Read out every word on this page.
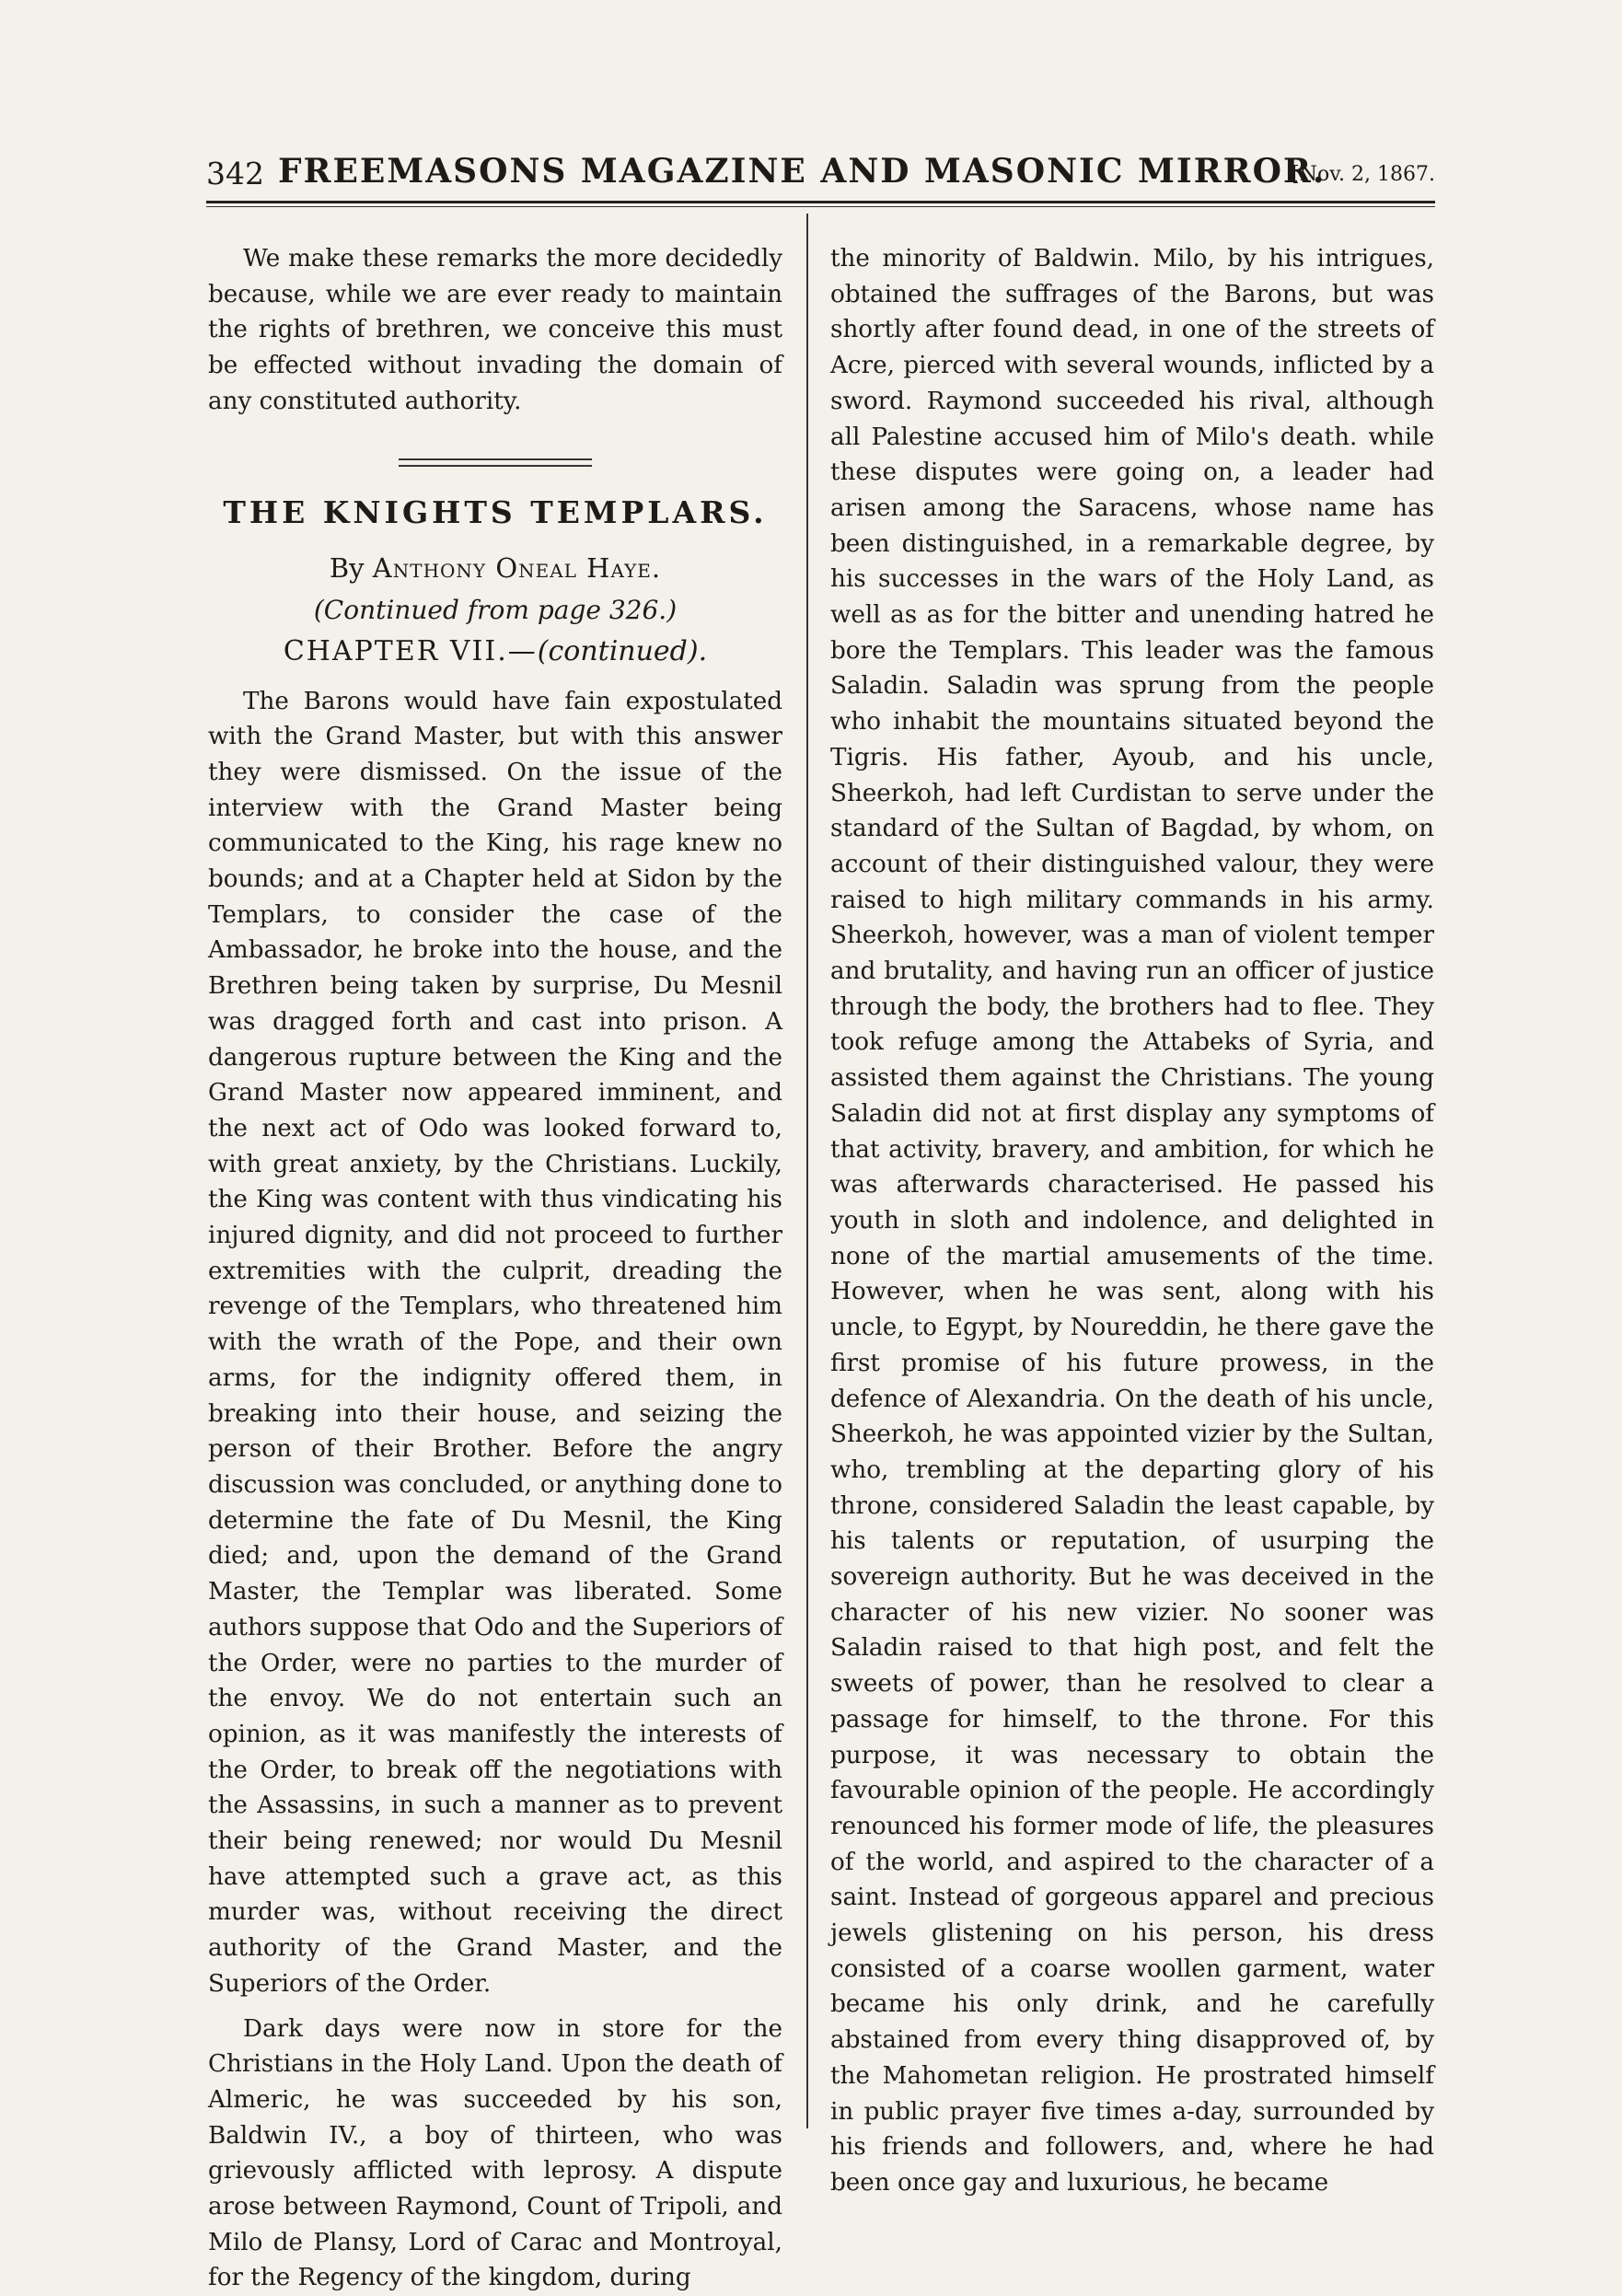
342 FREEMASONS MAGAZINE AND MASONIC MIRROR.
[Nov. 2, 1867.

We make these remarks the more decidedly because, while we are ever ready to maintain the rights of brethren, we conceive this must be effected without invading the domain of any constituted authority.

THE KNIGHTS TEMPLARS.

By Anthony Oneal Haye.

(Continued from page 326.)

CHAPTER VII.—(continued).

The Barons would have fain expostulated with the Grand Master, but with this answer they were dismissed. On the issue of the interview with the Grand Master being communicated to the King, his rage knew no bounds; and at a Chapter held at Sidon by the Templars, to consider the case of the Ambassador, he broke into the house, and the Brethren being taken by surprise, Du Mesnil was dragged forth and cast into prison. A dangerous rupture between the King and the Grand Master now appeared imminent, and the next act of Odo was looked forward to, with great anxiety, by the Christians. Luckily, the King was content with thus vindicating his injured dignity, and did not proceed to further extremities with the culprit, dreading the revenge of the Templars, who threatened him with the wrath of the Pope, and their own arms, for the indignity offered them, in breaking into their house, and seizing the person of their Brother. Before the angry discussion was concluded, or anything done to determine the fate of Du Mesnil, the King died; and, upon the demand of the Grand Master, the Templar was liberated. Some authors suppose that Odo and the Superiors of the Order, were no parties to the murder of the envoy. We do not entertain such an opinion, as it was manifestly the interests of the Order, to break off the negotiations with the Assassins, in such a manner as to prevent their being renewed; nor would Du Mesnil have attempted such a grave act, as this murder was, without receiving the direct authority of the Grand Master, and the Superiors of the Order.

Dark days were now in store for the Christians in the Holy Land. Upon the death of Almeric, he was succeeded by his son, Baldwin IV., a boy of thirteen, who was grievously afflicted with leprosy. A dispute arose between Raymond, Count of Tripoli, and Milo de Plansy, Lord of Carac and Montroyal, for the Regency of the kingdom, during

the minority of Baldwin. Milo, by his intrigues, obtained the suffrages of the Barons, but was shortly after found dead, in one of the streets of Acre, pierced with several wounds, inflicted by a sword. Raymond succeeded his rival, although all Palestine accused him of Milo's death. while these disputes were going on, a leader had arisen among the Saracens, whose name has been distinguished, in a remarkable degree, by his successes in the wars of the Holy Land, as well as as for the bitter and unending hatred he bore the Templars. This leader was the famous Saladin. Saladin was sprung from the people who inhabit the mountains situated beyond the Tigris. His father, Ayoub, and his uncle, Sheerkoh, had left Curdistan to serve under the standard of the Sultan of Bagdad, by whom, on account of their distinguished valour, they were raised to high military commands in his army. Sheerkoh, however, was a man of violent temper and brutality, and having run an officer of justice through the body, the brothers had to flee. They took refuge among the Attabeks of Syria, and assisted them against the Christians. The young Saladin did not at first display any symptoms of that activity, bravery, and ambition, for which he was afterwards characterised. He passed his youth in sloth and indolence, and delighted in none of the martial amusements of the time. However, when he was sent, along with his uncle, to Egypt, by Noureddin, he there gave the first promise of his future prowess, in the defence of Alexandria. On the death of his uncle, Sheerkoh, he was appointed vizier by the Sultan, who, trembling at the departing glory of his throne, considered Saladin the least capable, by his talents or reputation, of usurping the sovereign authority. But he was deceived in the character of his new vizier. No sooner was Saladin raised to that high post, and felt the sweets of power, than he resolved to clear a passage for himself, to the throne. For this purpose, it was necessary to obtain the favourable opinion of the people. He accordingly renounced his former mode of life, the pleasures of the world, and aspired to the character of a saint. Instead of gorgeous apparel and precious jewels glistening on his person, his dress consisted of a coarse woollen garment, water became his only drink, and he carefully abstained from every thing disapproved of, by the Mahometan religion. He prostrated himself in public prayer five times a-day, surrounded by his friends and followers, and, where he had been once gay and luxurious, he became
